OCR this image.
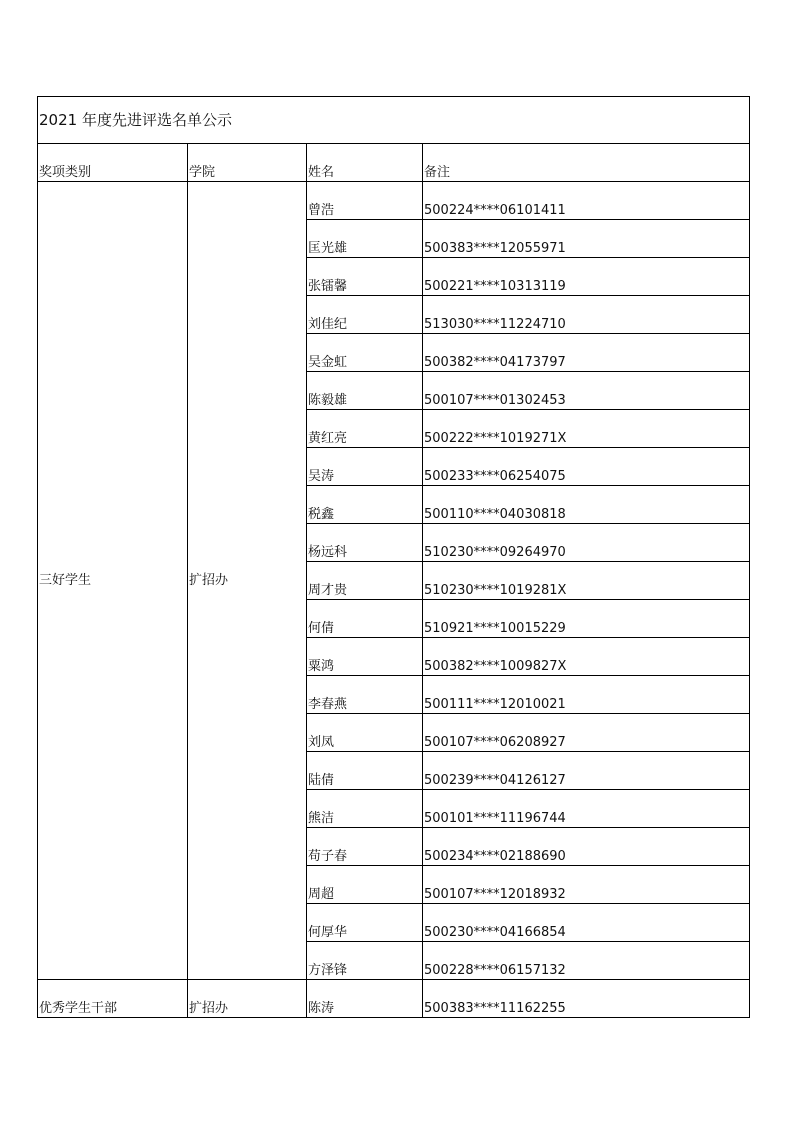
2021 年度先进评选名单公示			
奖项类别	学院	姓名	备注
三好学生	扩招办	曾浩	500224****06101411
		匡光雄	500383****12055971
		张镭馨	500221****10313119
		刘佳纪	513030****11224710
		吴金虹	500382****04173797
		陈毅雄	500107****01302453
		黄红亮	500222****1019271X
		吴涛	500233****06254075
		税鑫	500110****04030818
		杨远科	510230****09264970
		周才贵	510230****1019281X
		何倩	510921****10015229
		粟鸿	500382****1009827X
		李春燕	500111****12010021
		刘凤	500107****06208927
		陆倩	500239****04126127
		熊洁	500101****11196744
		苟子春	500234****02188690
		周超	500107****12018932
		何厚华	500230****04166854
		方泽锋	500228****06157132
优秀学生干部	扩招办	陈涛	500383****11162255
